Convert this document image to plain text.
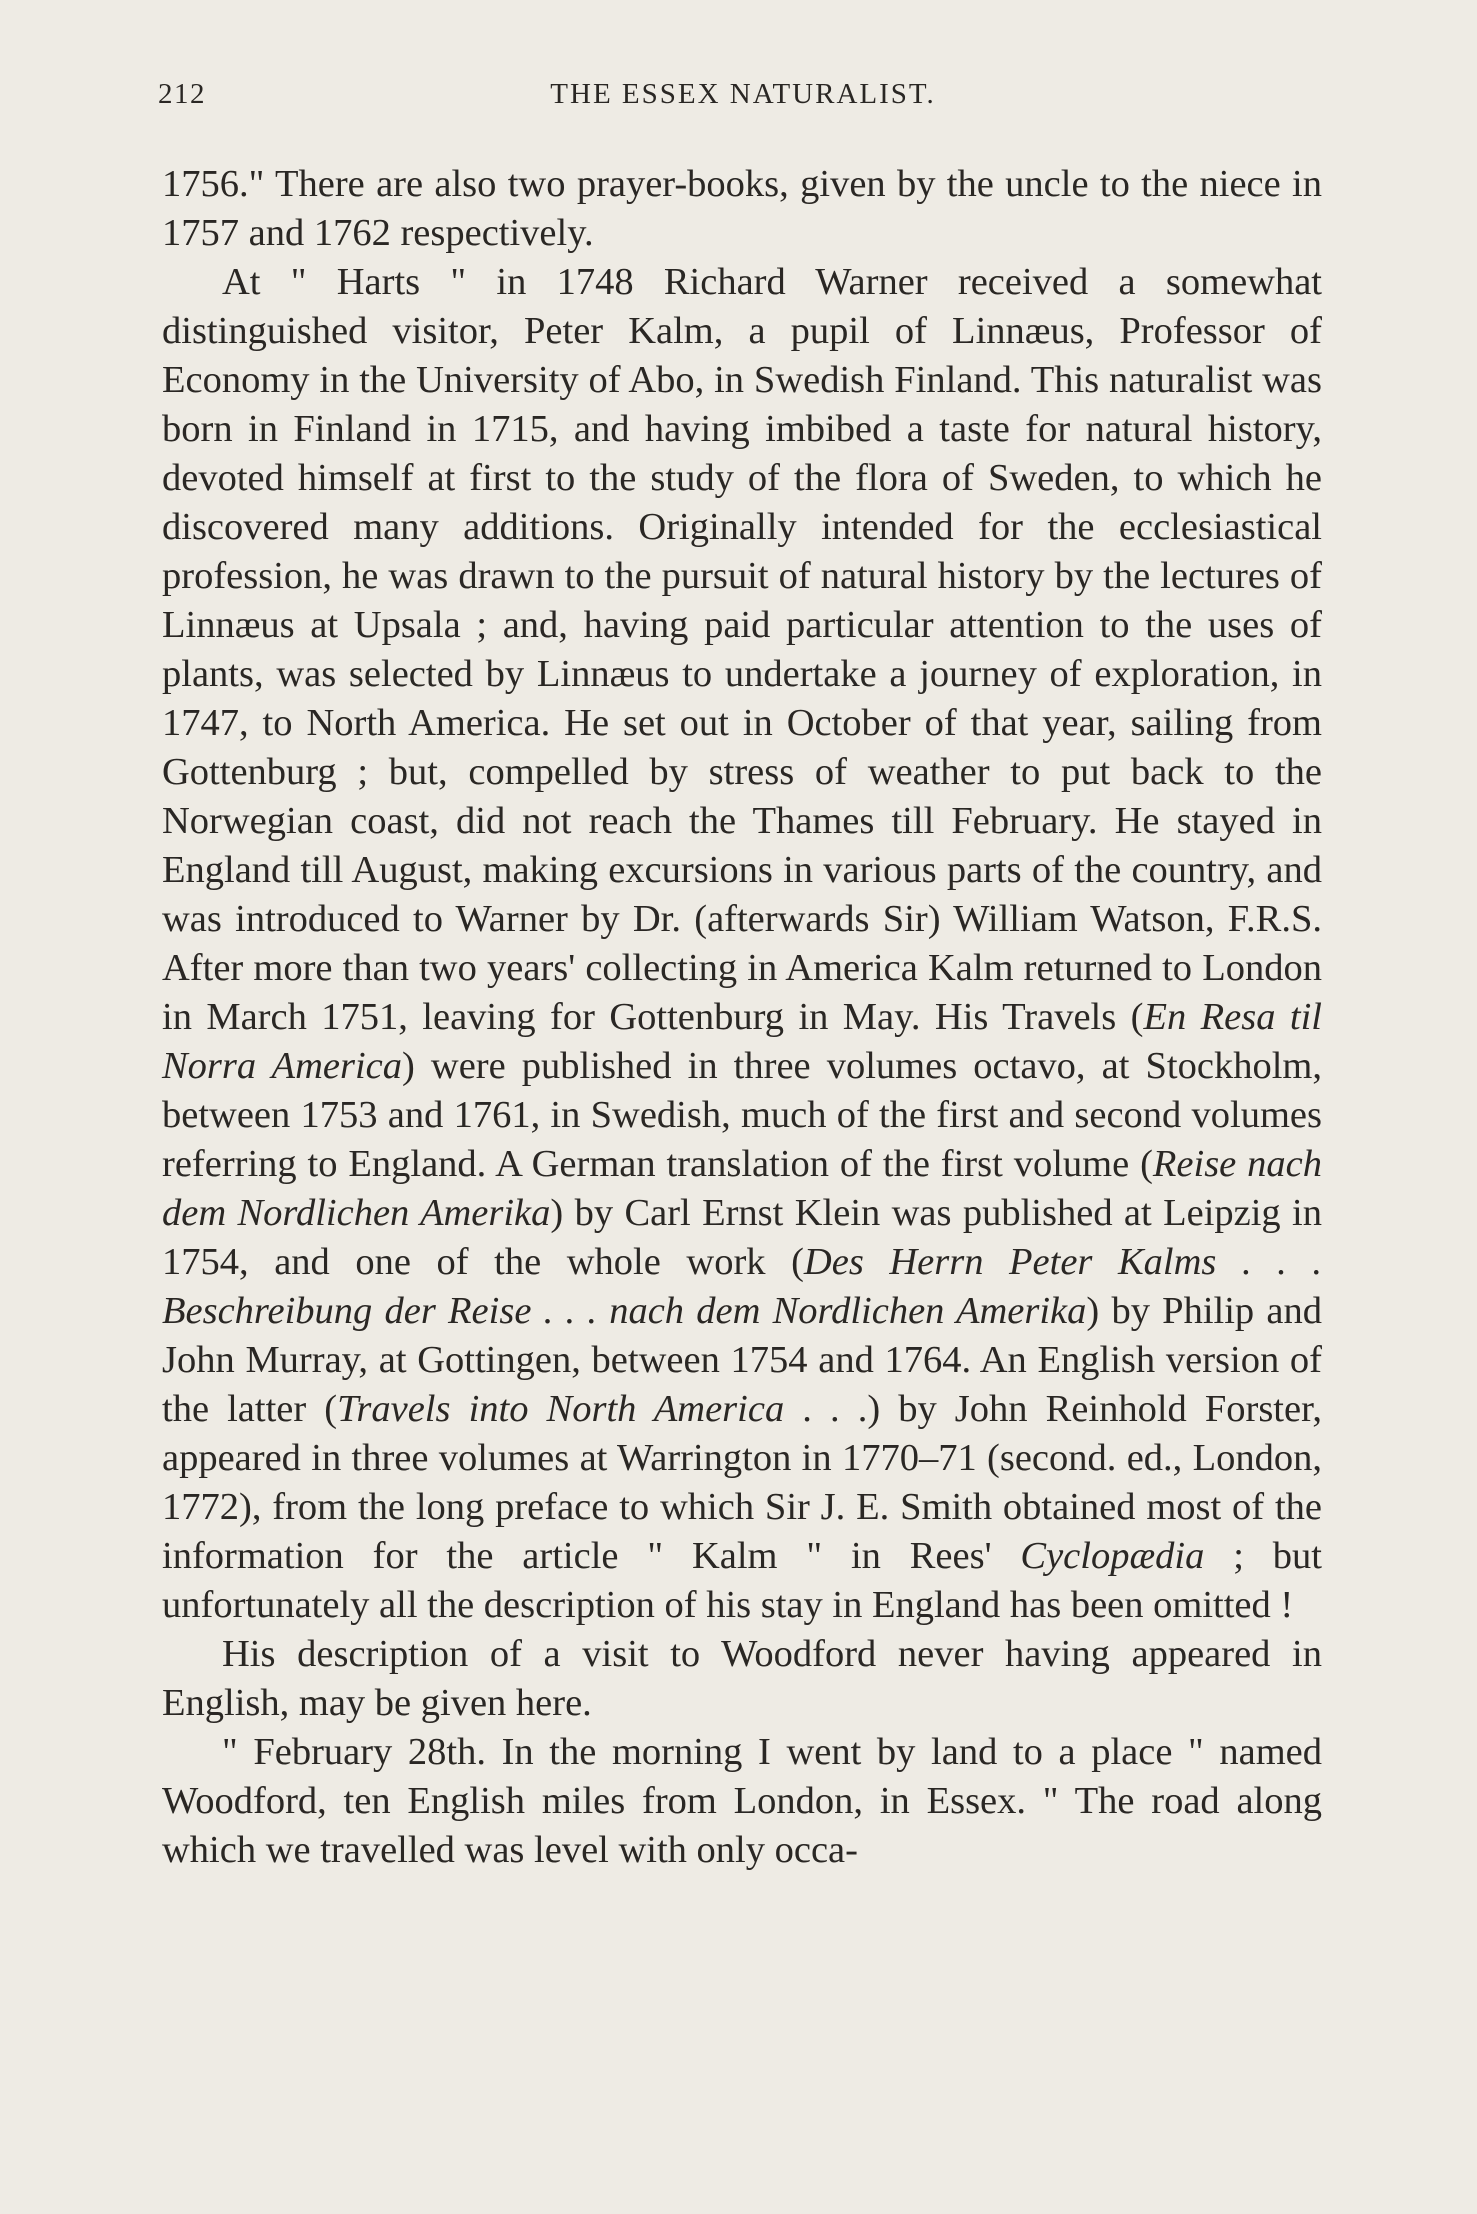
212	THE ESSEX NATURALIST.

1756." There are also two prayer-books, given by the uncle to the niece in 1757 and 1762 respectively.

At " Harts " in 1748 Richard Warner received a somewhat distinguished visitor, Peter Kalm, a pupil of Linnæus, Professor of Economy in the University of Abo, in Swedish Finland. This naturalist was born in Finland in 1715, and having imbibed a taste for natural history, devoted himself at first to the study of the flora of Sweden, to which he discovered many additions. Originally intended for the ecclesiastical profession, he was drawn to the pursuit of natural history by the lectures of Linnæus at Upsala ; and, having paid particular attention to the uses of plants, was selected by Linnæus to undertake a journey of exploration, in 1747, to North America. He set out in October of that year, sailing from Gottenburg ; but, compelled by stress of weather to put back to the Norwegian coast, did not reach the Thames till February. He stayed in England till August, making excursions in various parts of the country, and was introduced to Warner by Dr. (afterwards Sir) William Watson, F.R.S. After more than two years' collecting in America Kalm returned to London in March 1751, leaving for Gottenburg in May. His Travels (En Resa til Norra America) were published in three volumes octavo, at Stockholm, between 1753 and 1761, in Swedish, much of the first and second volumes referring to England. A German translation of the first volume (Reise nach dem Nordlichen Amerika) by Carl Ernst Klein was published at Leipzig in 1754, and one of the whole work (Des Herrn Peter Kalms . . . Beschreibung der Reise . . . nach dem Nordlichen Amerika) by Philip and John Murray, at Gottingen, between 1754 and 1764. An English version of the latter (Travels into North America . . .) by John Reinhold Forster, appeared in three volumes at Warrington in 1770–71 (second. ed., London, 1772), from the long preface to which Sir J. E. Smith obtained most of the information for the article " Kalm " in Rees' Cyclopædia ; but unfortunately all the description of his stay in England has been omitted !

His description of a visit to Woodford never having appeared in English, may be given here.

" February 28th. In the morning I went by land to a place " named Woodford, ten English miles from London, in Essex. " The road along which we travelled was level with only occa-
